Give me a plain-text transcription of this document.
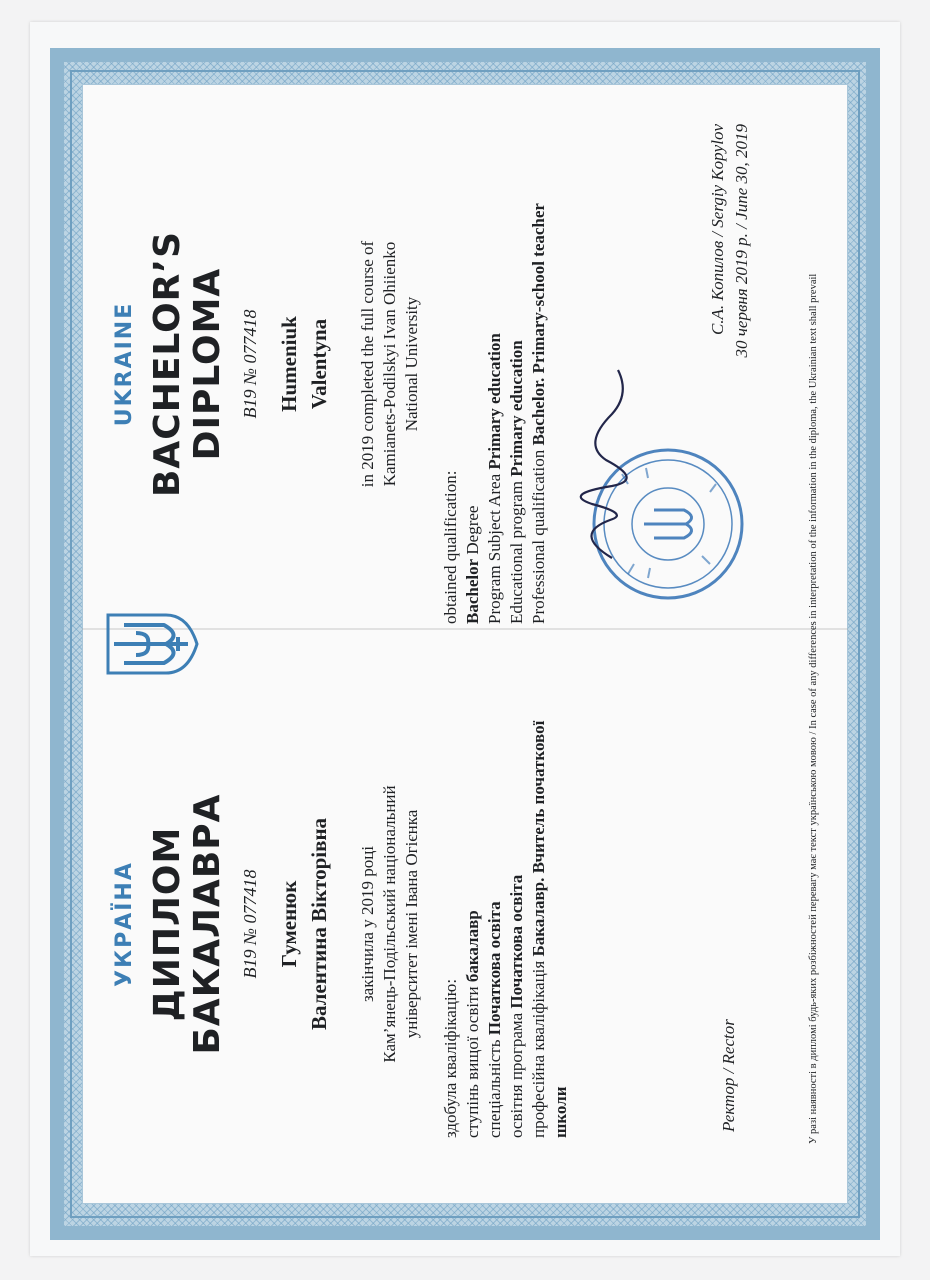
УКРАЇНА ДИПЛОМ БАКАЛАВРА B19 № 077418 Гуменюк Валентина Вікторівна закінчила у 2019 році Кам’янець-Подільський національний університет імені Івана Огієнка
здобула кваліфікацію: ступінь вищої освіти бакалавр
спеціальність Початкова освіта
освітня програма Початкова освіта
професійна кваліфікація Бакалавр. Вчитель початкової школи	Ректор / Rector
UKRAINE BACHELOR’S DIPLOMA B19 № 077418 Humeniuk Valentyna in 2019 completed the full course of Kamianets-Podilskyi Ivan Ohiienko National University
obtained qualification: Bachelor Degree Program Subject Area Primary education
Educational program Primary education
Professional qualification Bachelor. Primary-school teacher	С.А. Копилов / Sergiy Kopylov 30 червня 2019 р. / June 30, 2019
У разі наявності в дипломі будь-яких розбіжностей перевагу має текст українською мовою / In case of any differences in interpretation of the information in the diploma, the Ukrainian text shall prevail
